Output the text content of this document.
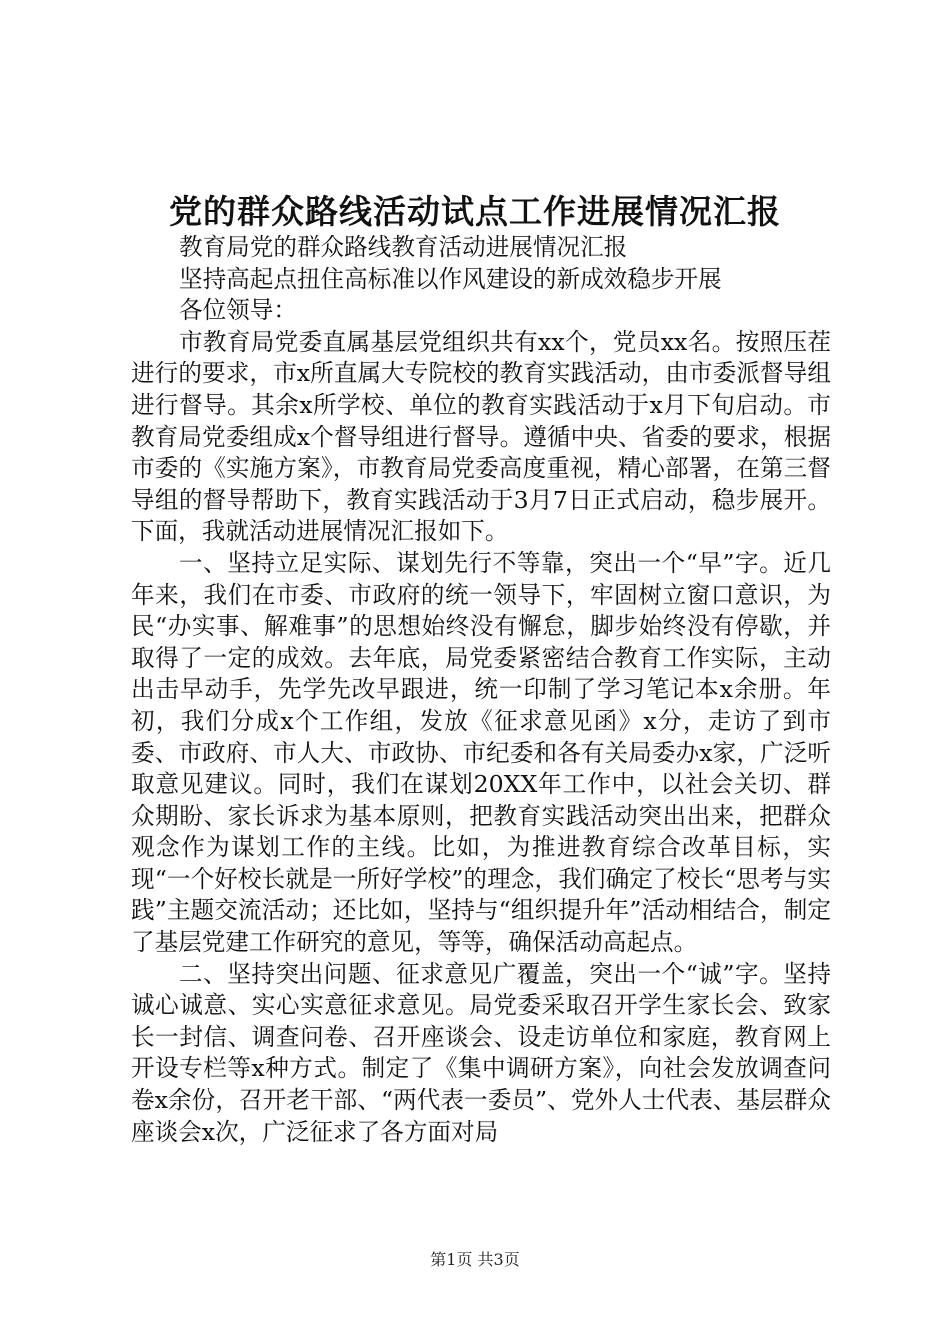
党的群众路线活动试点工作进展情况汇报

教育局党的群众路线教育活动进展情况汇报

坚持高起点扭住高标准以作风建设的新成效稳步开展

各位领导：

市教育局党委直属基层党组织共有xx个，党员xx名。按照压茬进行的要求，市x所直属大专院校的教育实践活动，由市委派督导组进行督导。其余x所学校、单位的教育实践活动于x月下旬启动。市教育局党委组成x个督导组进行督导。遵循中央、省委的要求，根据市委的《实施方案》，市教育局党委高度重视，精心部署，在第三督导组的督导帮助下，教育实践活动于3月7日正式启动，稳步展开。下面，我就活动进展情况汇报如下。

一、坚持立足实际、谋划先行不等靠，突出一个“早”字。近几年来，我们在市委、市政府的统一领导下，牢固树立窗口意识，为民“办实事、解难事”的思想始终没有懈怠，脚步始终没有停歇，并取得了一定的成效。去年底，局党委紧密结合教育工作实际，主动出击早动手，先学先改早跟进，统一印制了学习笔记本x余册。年初，我们分成x个工作组，发放《征求意见函》x分，走访了到市委、市政府、市人大、市政协、市纪委和各有关局委办x家，广泛听取意见建议。同时，我们在谋划20XX年工作中，以社会关切、群众期盼、家长诉求为基本原则，把教育实践活动突出出来，把群众观念作为谋划工作的主线。比如，为推进教育综合改革目标，实现“一个好校长就是一所好学校”的理念，我们确定了校长“思考与实践”主题交流活动；还比如，坚持与“组织提升年”活动相结合，制定了基层党建工作研究的意见，等等，确保活动高起点。

二、坚持突出问题、征求意见广覆盖，突出一个“诚”字。坚持诚心诚意、实心实意征求意见。局党委采取召开学生家长会、致家长一封信、调查问卷、召开座谈会、设走访单位和家庭，教育网上开设专栏等x种方式。制定了《集中调研方案》，向社会发放调查问卷x余份，召开老干部、“两代表一委员”、党外人士代表、基层群众座谈会x次，广泛征求了各方面对局

第1页 共3页
